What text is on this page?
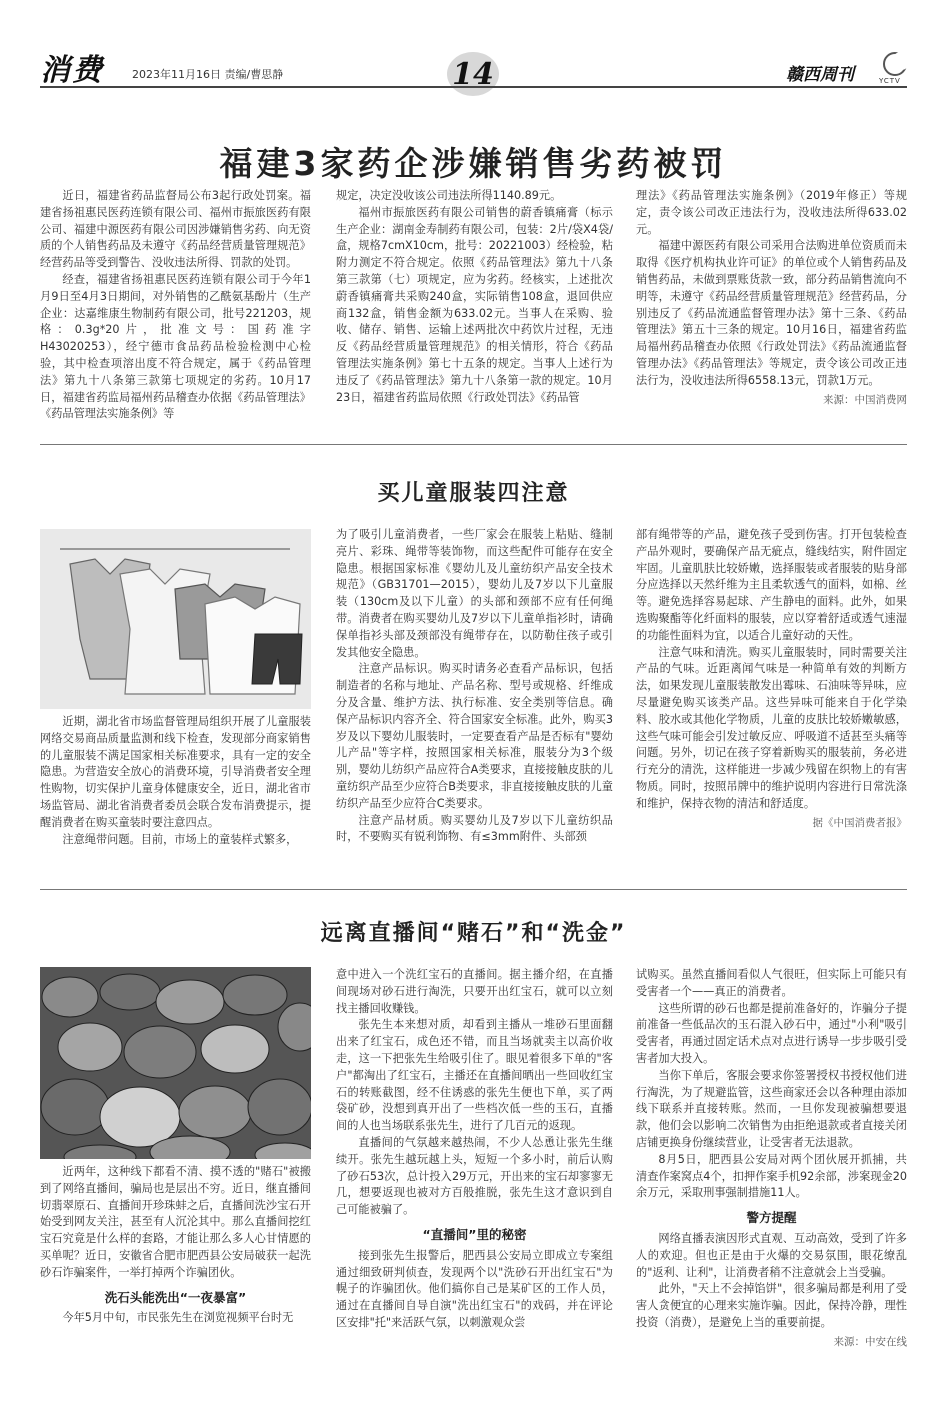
消费	2023年11月16日 责编/曹思静	14	赣西周刊	YCTV
福建3家药企涉嫌销售劣药被罚

近日，福建省药品监督局公布3起行政处罚案。福建省扬祖惠民医药连锁有限公司、福州市振旅医药有限公司、福建中源医药有限公司因涉嫌销售劣药、向无资质的个人销售药品及未遵守《药品经营质量管理规范》经营药品等受到警告、没收违法所得、罚款的处罚。

经查，福建省扬祖惠民医药连锁有限公司于今年1月9日至4月3日期间，对外销售的乙酰氨基酚片（生产企业：达嘉维康生物制药有限公司，批号221203，规格：0.3g*20片，批准文号：国药准字H43020253），经宁德市食品药品检验检测中心检验，其中检查项溶出度不符合规定，属于《药品管理法》第九十八条第三款第七项规定的劣药。10月17日，福建省药监局福州药品稽查办依据《药品管理法》《药品管理法实施条例》等

规定，决定没收该公司违法所得1140.89元。

福州市振旅医药有限公司销售的蔚香镇痛膏（标示生产企业：湖南金寿制药有限公司，包装：2片/袋X4袋/盒，规格7cmX10cm，批号：20221003）经检验，粘附力测定不符合规定。依照《药品管理法》第九十八条第三款第（七）项规定，应为劣药。经核实，上述批次蔚香镇痛膏共采购240盒，实际销售108盒，退回供应商132盒，销售金额为633.02元。当事人在采购、验收、储存、销售、运输上述两批次中药饮片过程，无违反《药品经营质量管理规范》的相关情形，符合《药品管理法实施条例》第七十五条的规定。当事人上述行为违反了《药品管理法》第九十八条第一款的规定。10月23日，福建省药监局依照《行政处罚法》《药品管

理法》《药品管理法实施条例》（2019年修正）等规定，责令该公司改正违法行为，没收违法所得633.02元。

福建中源医药有限公司采用合法购进单位资质而未取得《医疗机构执业许可证》的单位或个人销售药品及销售药品，未做到票账货款一致，部分药品销售流向不明等，未遵守《药品经营质量管理规范》经营药品，分别违反了《药品流通监督管理办法》第十三条、《药品管理法》第五十三条的规定。10月16日，福建省药监局福州药品稽查办依照《行政处罚法》《药品流通监督管理办法》《药品管理法》等规定，责令该公司改正违法行为，没收违法所得6558.13元，罚款1万元。

来源：中国消费网

买儿童服装四注意

近期，湖北省市场监督管理局组织开展了儿童服装网络交易商品质量监测和线下检查，发现部分商家销售的儿童服装不满足国家相关标准要求，具有一定的安全隐患。为营造安全放心的消费环境，引导消费者安全理性购物，切实保护儿童身体健康安全，近日，湖北省市场监管局、湖北省消费者委员会联合发布消费提示，提醒消费者在购买童装时要注意四点。

注意绳带问题。目前，市场上的童装样式繁多，

为了吸引儿童消费者，一些厂家会在服装上粘贴、缝制亮片、彩珠、绳带等装饰物，而这些配件可能存在安全隐患。根据国家标准《婴幼儿及儿童纺织产品安全技术规范》（GB31701—2015），婴幼儿及7岁以下儿童服装（130cm及以下儿童）的头部和颈部不应有任何绳带。消费者在购买婴幼儿及7岁以下儿童单指衫时，请确保单指衫头部及颈部没有绳带存在，以防勒住孩子或引发其他安全隐患。

注意产品标识。购买时请务必查看产品标识，包括制造者的名称与地址、产品名称、型号或规格、纤维成分及含量、维护方法、执行标准、安全类别等信息。确保产品标识内容齐全、符合国家安全标准。此外，购买3岁及以下婴幼儿服装时，一定要查看产品是否标有"婴幼儿产品"等字样，按照国家相关标准，服装分为3个级别，婴幼儿纺织产品应符合A类要求，直接接触皮肤的儿童纺织产品至少应符合B类要求，非直接接触皮肤的儿童纺织产品至少应符合C类要求。

注意产品材质。购买婴幼儿及7岁以下儿童纺织品时，不要购买有锐利饰物、有≤3mm附件、头部颈

部有绳带等的产品，避免孩子受到伤害。打开包装检查产品外观时，要确保产品无疵点，缝线结实，附件固定牢固。儿童肌肤比较娇嫩，选择服装或者服装的贴身部分应选择以天然纤维为主且柔软透气的面料，如棉、丝等。避免选择容易起球、产生静电的面料。此外，如果选购聚酯等化纤面料的服装，应以穿着舒适或透气速湿的功能性面料为宜，以适合儿童好动的天性。

注意气味和清洗。购买儿童服装时，同时需要关注产品的气味。近距离闻气味是一种简单有效的判断方法，如果发现儿童服装散发出霉味、石油味等异味，应尽量避免购买该类产品。这些异味可能来自于化学染料、胶水或其他化学物质，儿童的皮肤比较娇嫩敏感，这些气味可能会引发过敏反应、呼吸道不适甚至头痛等问题。另外，切记在孩子穿着新购买的服装前，务必进行充分的清洗，这样能进一步减少残留在织物上的有害物质。同时，按照吊牌中的维护说明内容进行日常洗涤和维护，保持衣物的清洁和舒适度。

据《中国消费者报》

远离直播间“赌石”和“洗金”

近两年，这种线下都看不清、摸不透的"赌石"被搬到了网络直播间，骗局也是层出不穷。近日，继直播间切翡翠原石、直播间开珍珠蚌之后，直播间洗沙宝石开始受到网友关注，甚至有人沉沦其中。那么直播间挖红宝石究竟是什么样的套路，才能让那么多人心甘情愿的买单呢？近日，安徽省合肥市肥西县公安局破获一起洗砂石诈骗案件，一举打掉两个诈骗团伙。

洗石头能洗出“一夜暴富”

今年5月中旬，市民张先生在浏览视频平台时无

意中进入一个洗红宝石的直播间。据主播介绍，在直播间现场对砂石进行淘洗，只要开出红宝石，就可以立刻找主播回收赚钱。

张先生本来想对质，却看到主播从一堆砂石里面翻出来了红宝石，成色还不错，而且当场就卖主以高价收走，这一下把张先生给吸引住了。眼见着很多下单的"客户"都淘出了红宝石，主播还在直播间晒出一些回收红宝石的转账截图，经不住诱惑的张先生便也下单，买了两袋矿砂，没想到真开出了一些档次低一些的玉石，直播间的人也当场联系张先生，进行了几百元的返现。

直播间的气氛越来越热闹，不少人怂恿让张先生继续开。张先生越玩越上头，短短一个多小时，前后认购了砂石53次，总计投入29万元，开出来的宝石却寥寥无几，想要返现也被对方百般推脱，张先生这才意识到自己可能被骗了。

“直播间”里的秘密

接到张先生报警后，肥西县公安局立即成立专案组通过细致研判侦查，发现两个以"洗砂石开出红宝石"为幌子的诈骗团伙。他们搞你自己是某矿区的工作人员，通过在直播间自导自演"洗出红宝石"的戏码，并在评论区安排"托"来活跃气氛，以刺激观众尝

试购买。虽然直播间看似人气很旺，但实际上可能只有受害者一个——真正的消费者。

这些所谓的砂石也都是提前准备好的，诈骗分子提前准备一些低品次的玉石混入砂石中，通过"小利"吸引受害者，再通过固定话术点对点进行诱导一步步吸引受害者加大投入。

当你下单后，客服会要求你签署授权书授权他们进行淘洗，为了规避监管，这些商家还会以各种理由添加线下联系并直接转账。然而，一旦你发现被骗想要退款，他们会以影响二次销售为由拒绝退款或者直接关闭店铺更换身份继续营业，让受害者无法退款。

8月5日，肥西县公安局对两个团伙展开抓捕，共清查作案窝点4个，扣押作案手机92余部，涉案现金20余万元，采取刑事强制措施11人。

警方提醒

网络直播表演因形式直观、互动高效，受到了许多人的欢迎。但也正是由于火爆的交易氛围，眼花缭乱的"返利、让利"，让消费者稍不注意就会上当受骗。

此外，"天上不会掉馅饼"，很多骗局都是利用了受害人贪便宜的心理来实施诈骗。因此，保持冷静，理性投资（消费），是避免上当的重要前提。

来源：中安在线
